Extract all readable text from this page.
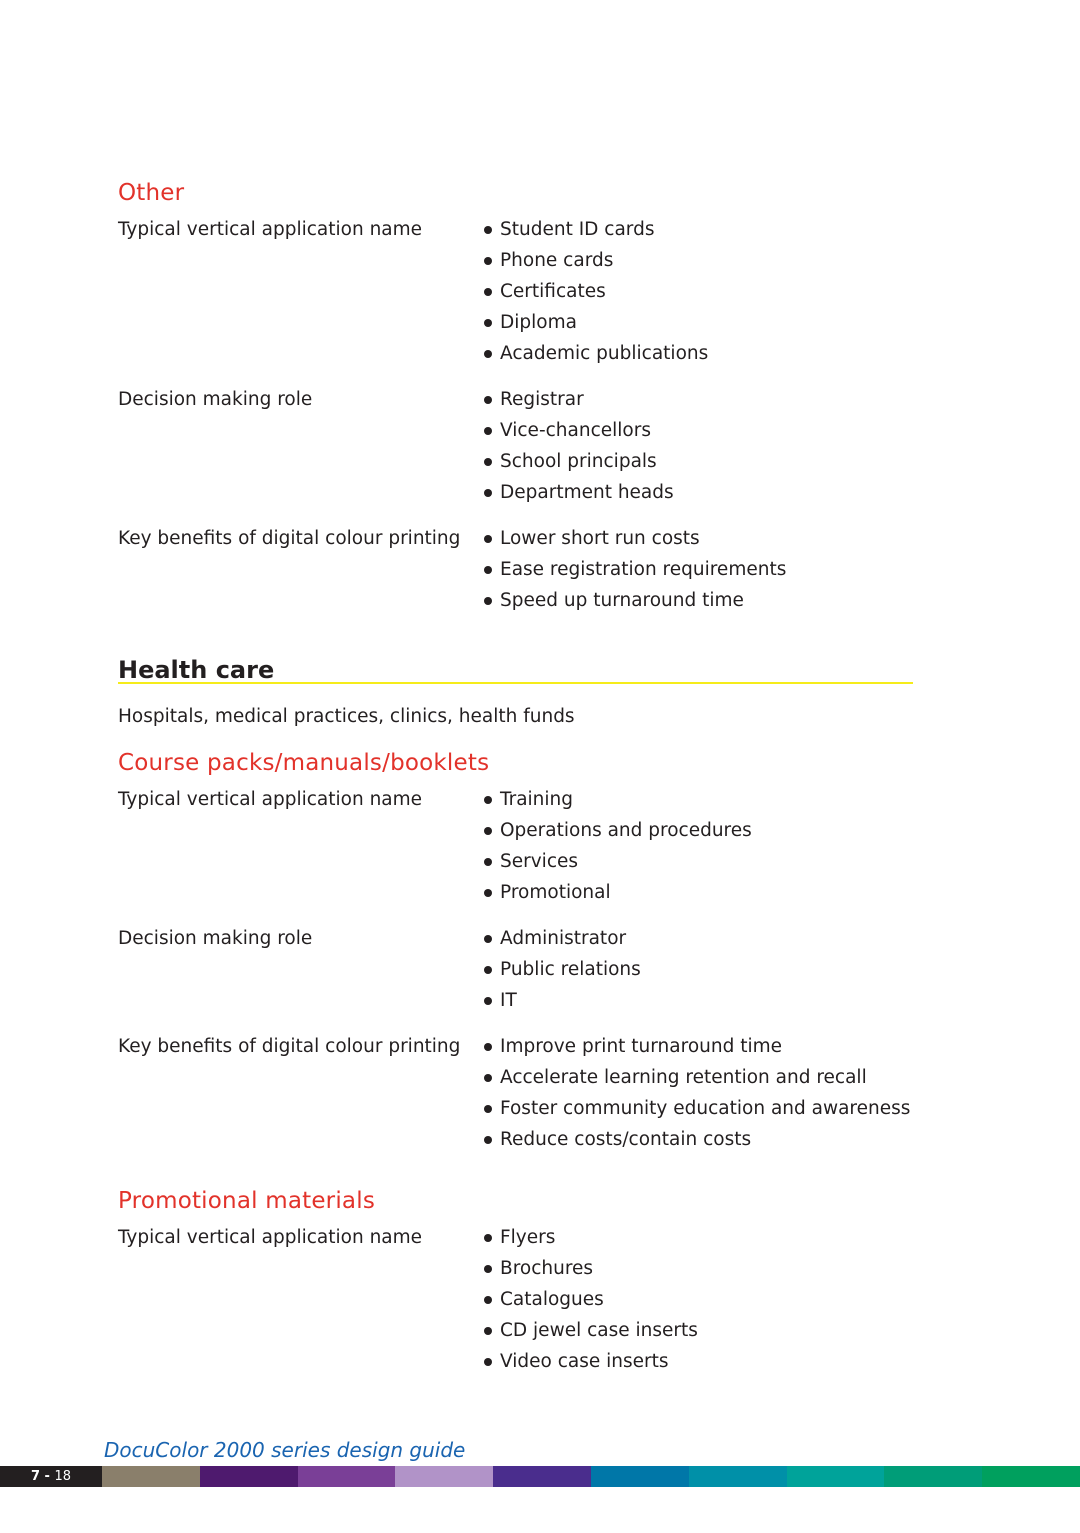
Other
Typical vertical application name	Student ID cards
Phone cards
Certificates
Diploma
Academic publications
Decision making role	Registrar
Vice-chancellors
School principals
Department heads
Key benefits of digital colour printing	Lower short run costs
Ease registration requirements
Speed up turnaround time
Health care

Hospitals, medical practices, clinics, health funds

Course packs/manuals/booklets
Typical vertical application name	Training
Operations and procedures
Services
Promotional
Decision making role	Administrator
Public relations
IT
Key benefits of digital colour printing	Improve print turnaround time
Accelerate learning retention and recall
Foster community education and awareness
Reduce costs/contain costs
Promotional materials
Typical vertical application name	Flyers
Brochures
Catalogues
CD jewel case inserts
Video case inserts
DocuColor 2000 series design guide
7 - 18
